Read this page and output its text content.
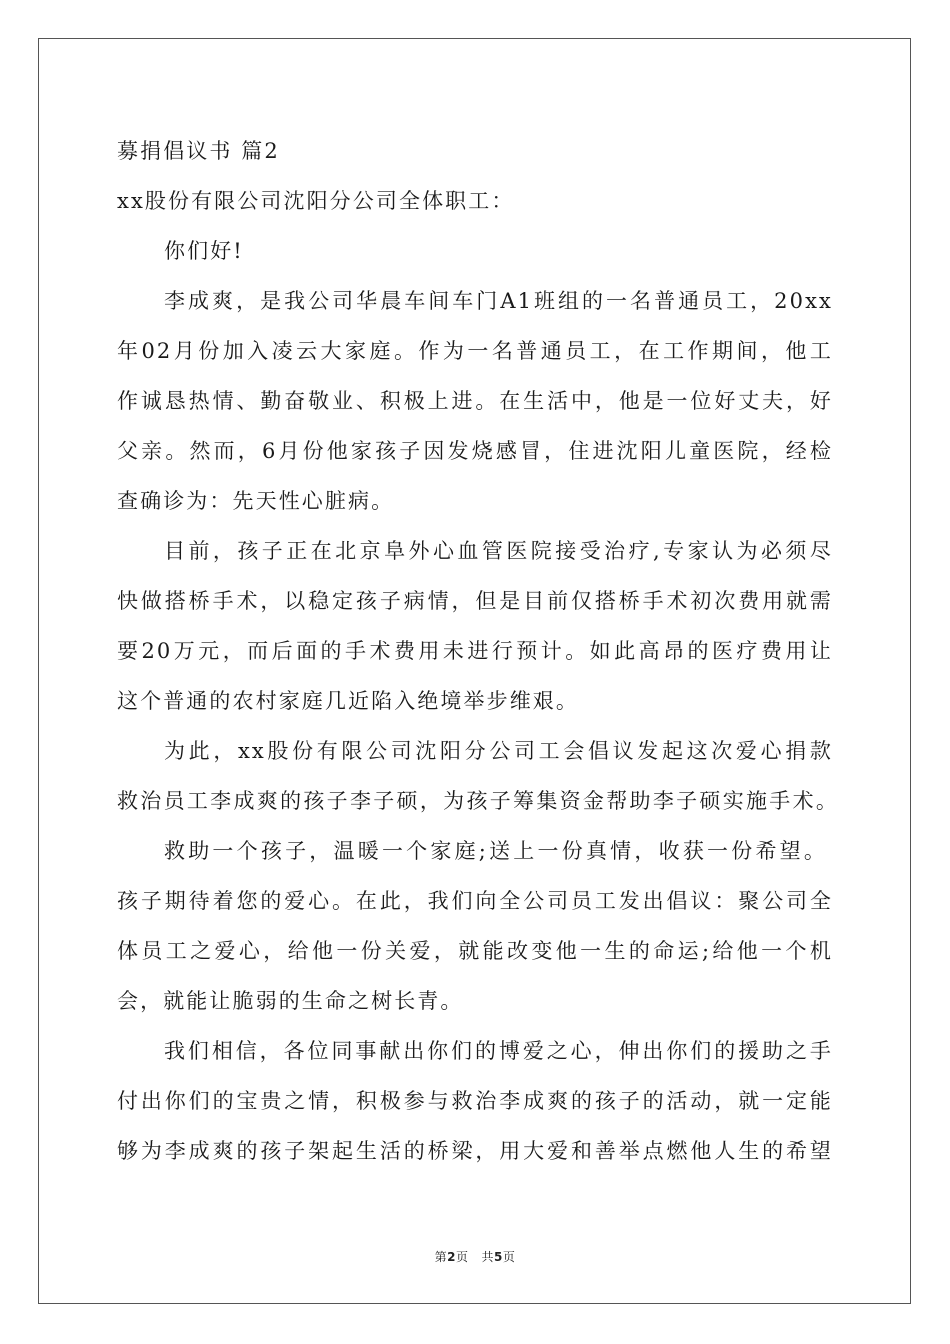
募捐倡议书 篇2
xx股份有限公司沈阳分公司全体职工：
你们好!
李成爽，是我公司华晨车间车门A1班组的一名普通员工，20xx
年02月份加入凌云大家庭。作为一名普通员工，在工作期间，他工
作诚恳热情、勤奋敬业、积极上进。在生活中，他是一位好丈夫，好
父亲。然而，6月份他家孩子因发烧感冒，住进沈阳儿童医院，经检
查确诊为：先天性心脏病。
目前，孩子正在北京阜外心血管医院接受治疗,专家认为必须尽
快做搭桥手术，以稳定孩子病情，但是目前仅搭桥手术初次费用就需
要20万元，而后面的手术费用未进行预计。如此高昂的医疗费用让
这个普通的农村家庭几近陷入绝境举步维艰。
为此，xx股份有限公司沈阳分公司工会倡议发起这次爱心捐款
救治员工李成爽的孩子李子硕，为孩子筹集资金帮助李子硕实施手术。
救助一个孩子，温暖一个家庭;送上一份真情，收获一份希望。
孩子期待着您的爱心。在此，我们向全公司员工发出倡议：聚公司全
体员工之爱心，给他一份关爱，就能改变他一生的命运;给他一个机
会，就能让脆弱的生命之树长青。
我们相信，各位同事献出你们的博爱之心，伸出你们的援助之手
付出你们的宝贵之情，积极参与救治李成爽的孩子的活动，就一定能
够为李成爽的孩子架起生活的桥梁，用大爱和善举点燃他人生的希望
第2页   共5页
